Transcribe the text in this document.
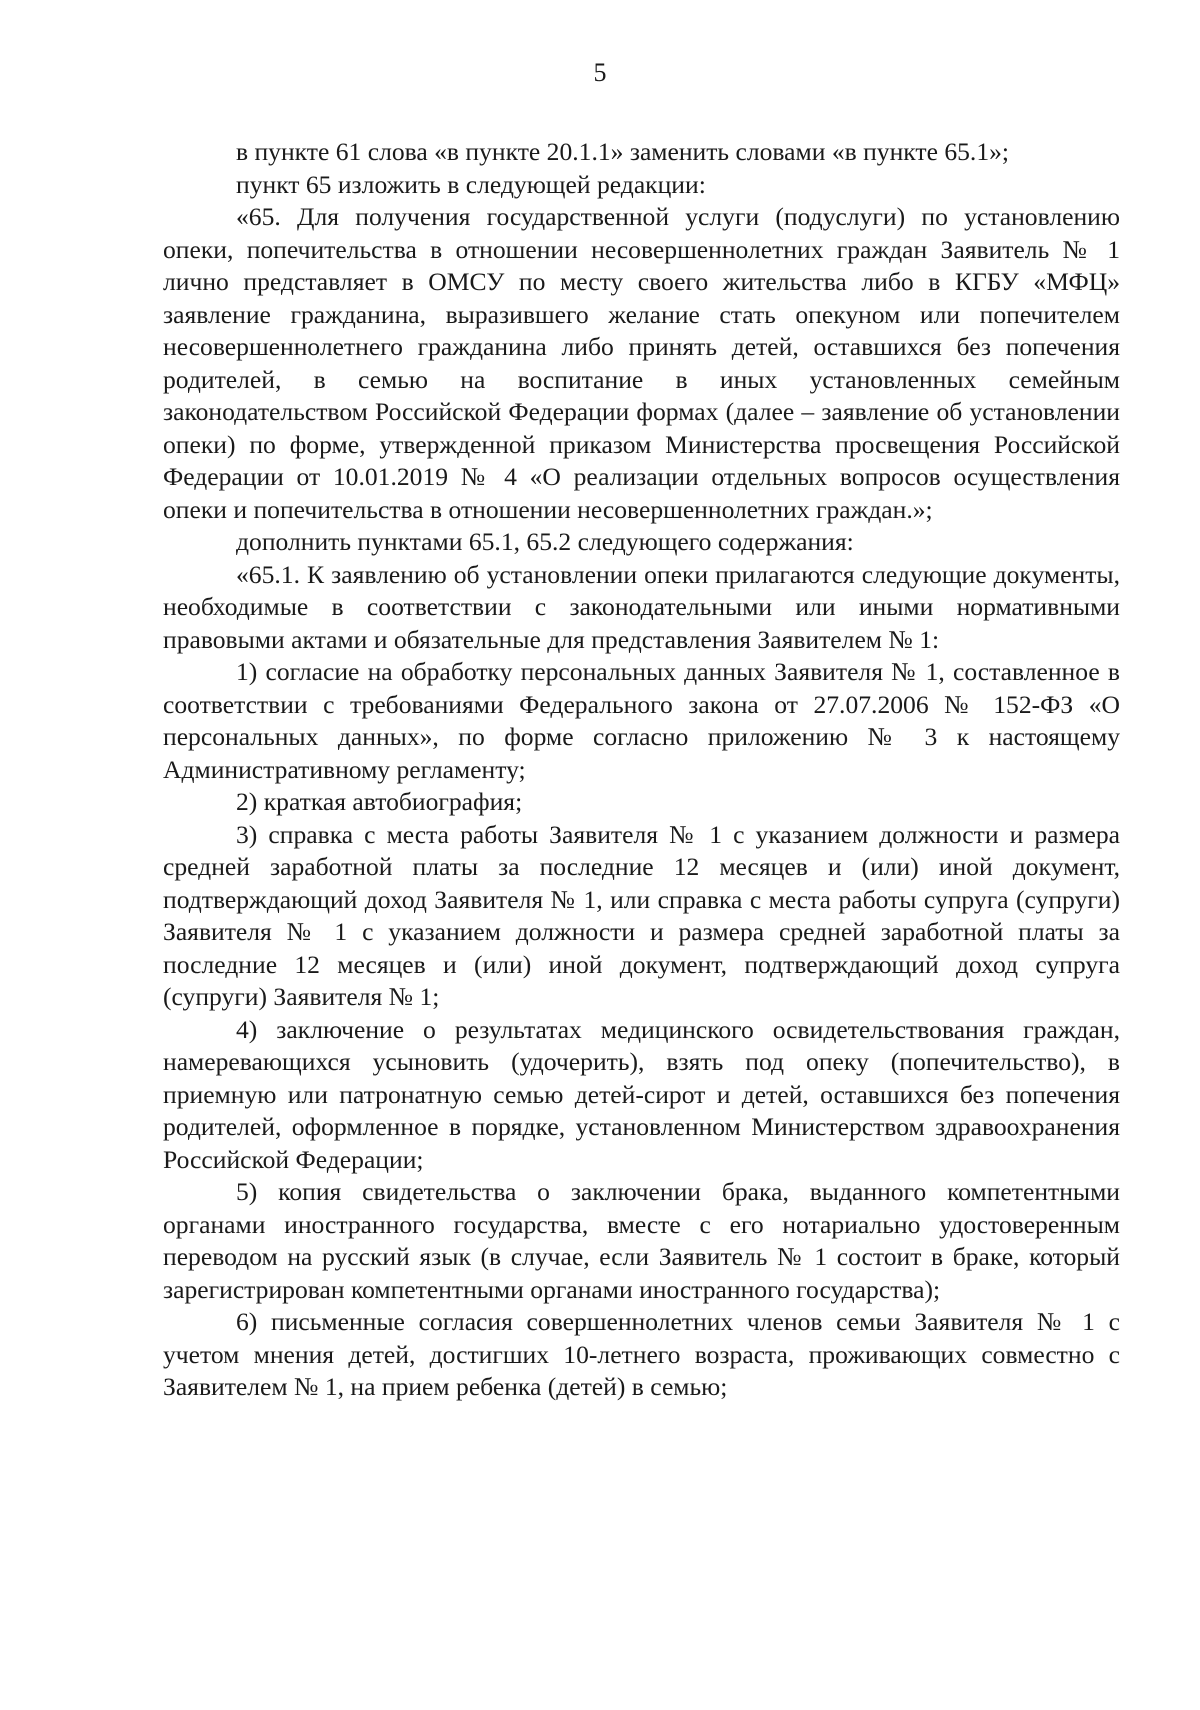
5

в пункте 61 слова «в пункте 20.1.1» заменить словами «в пункте 65.1»;

пункт 65 изложить в следующей редакции:

«65. Для получения государственной услуги (подуслуги) по установлению опеки, попечительства в отношении несовершеннолетних граждан Заявитель № 1 лично представляет в ОМСУ по месту своего жительства либо в КГБУ «МФЦ» заявление гражданина, выразившего желание стать опекуном или попечителем несовершеннолетнего гражданина либо принять детей, оставшихся без попечения родителей, в семью на воспитание в иных установленных семейным законодательством Российской Федерации формах (далее – заявление об установлении опеки) по форме, утвержденной приказом Министерства просвещения Российской Федерации от 10.01.2019 № 4 «О реализации отдельных вопросов осуществления опеки и попечительства в отношении несовершеннолетних граждан.»;

дополнить пунктами 65.1, 65.2 следующего содержания:

«65.1. К заявлению об установлении опеки прилагаются следующие документы, необходимые в соответствии с законодательными или иными нормативными правовыми актами и обязательные для представления Заявителем № 1:

1) согласие на обработку персональных данных Заявителя № 1, составленное в соответствии с требованиями Федерального закона от 27.07.2006 № 152-ФЗ «О персональных данных», по форме согласно приложению № 3 к настоящему Административному регламенту;

2) краткая автобиография;

3) справка с места работы Заявителя № 1 с указанием должности и размера средней заработной платы за последние 12 месяцев и (или) иной документ, подтверждающий доход Заявителя № 1, или справка с места работы супруга (супруги) Заявителя № 1 с указанием должности и размера средней заработной платы за последние 12 месяцев и (или) иной документ, подтверждающий доход супруга (супруги) Заявителя № 1;

4) заключение о результатах медицинского освидетельствования граждан, намеревающихся усыновить (удочерить), взять под опеку (попечительство), в приемную или патронатную семью детей-сирот и детей, оставшихся без попечения родителей, оформленное в порядке, установленном Министерством здравоохранения Российской Федерации;

5) копия свидетельства о заключении брака, выданного компетентными органами иностранного государства, вместе с его нотариально удостоверенным переводом на русский язык (в случае, если Заявитель № 1 состоит в браке, который зарегистрирован компетентными органами иностранного государства);

6) письменные согласия совершеннолетних членов семьи Заявителя № 1 с учетом мнения детей, достигших 10-летнего возраста, проживающих совместно с Заявителем № 1, на прием ребенка (детей) в семью;
